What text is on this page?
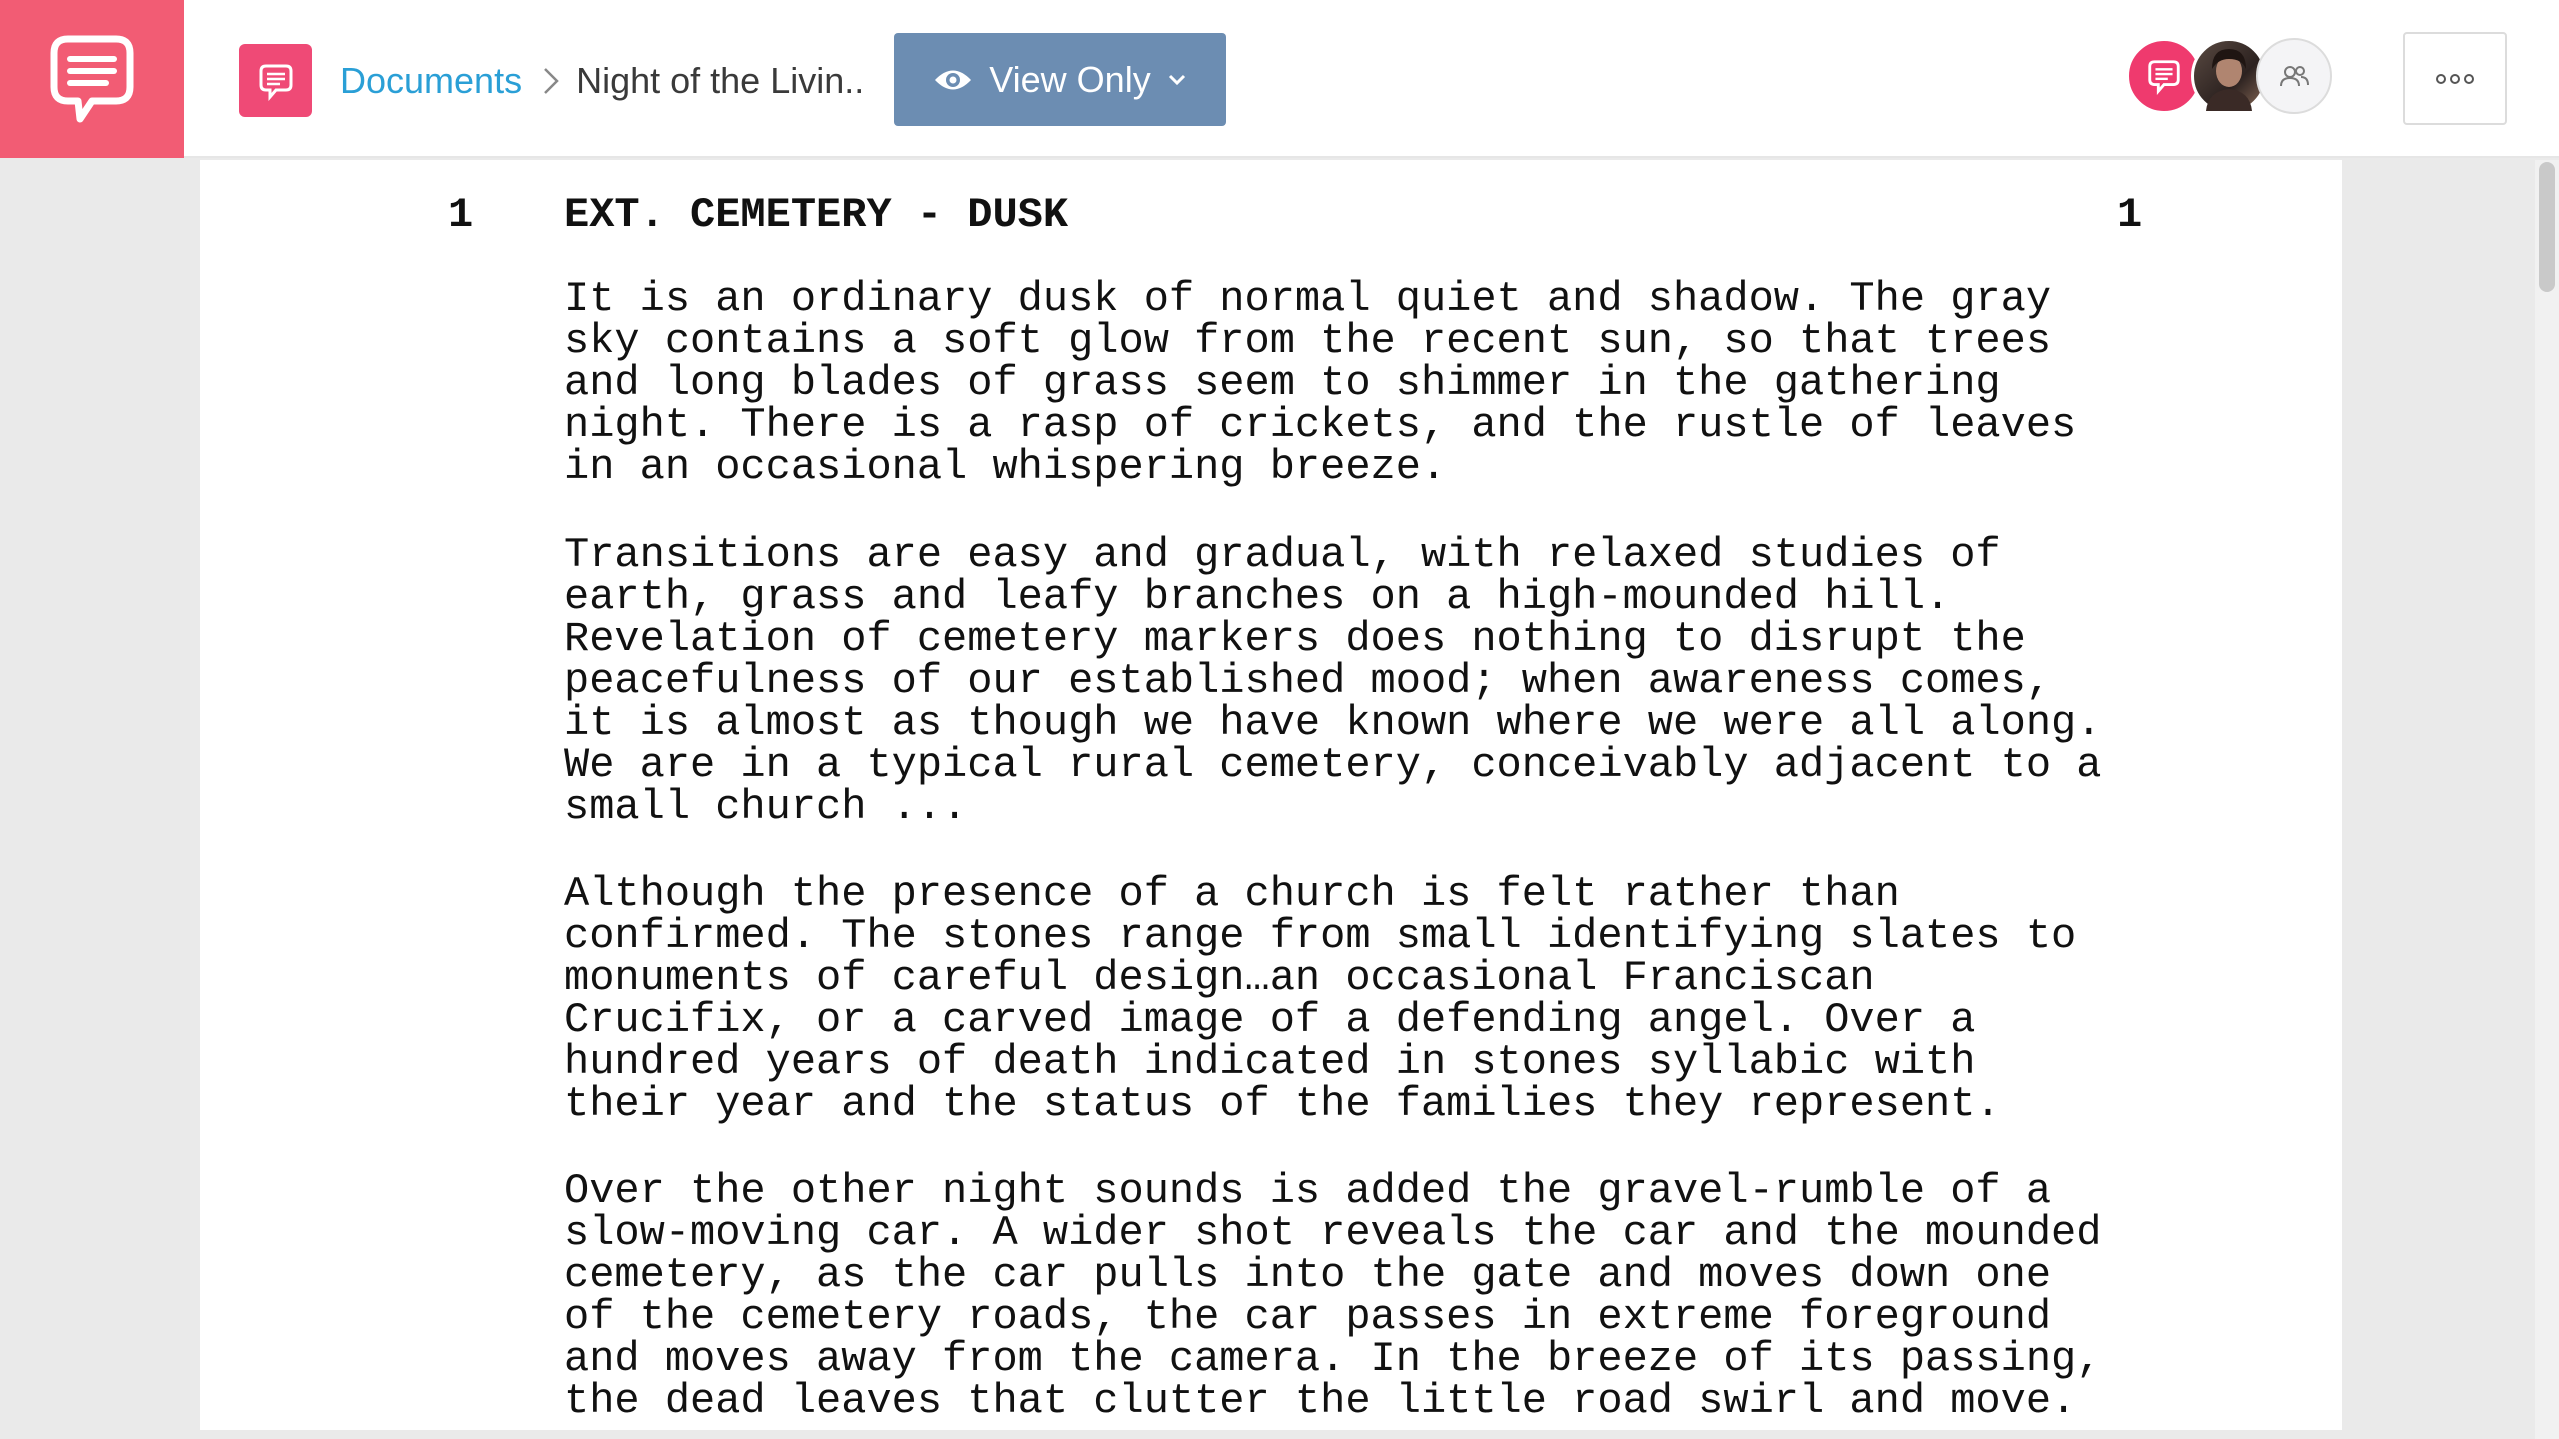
Documents Night of the Livin..	View Only
1 EXT. CEMETERY - DUSK	1
It is an ordinary dusk of normal quiet and shadow. The gray
sky contains a soft glow from the recent sun, so that trees
and long blades of grass seem to shimmer in the gathering
night. There is a rasp of crickets, and the rustle of leaves
in an occasional whispering breeze.
Transitions are easy and gradual, with relaxed studies of
earth, grass and leafy branches on a high-mounded hill.
Revelation of cemetery markers does nothing to disrupt the
peacefulness of our established mood; when awareness comes,
it is almost as though we have known where we were all along.
We are in a typical rural cemetery, conceivably adjacent to a
small church ...
Although the presence of a church is felt rather than
confirmed. The stones range from small identifying slates to
monuments of careful design…an occasional Franciscan
Crucifix, or a carved image of a defending angel. Over a
hundred years of death indicated in stones syllabic with
their year and the status of the families they represent.
Over the other night sounds is added the gravel-rumble of a
slow-moving car. A wider shot reveals the car and the mounded
cemetery, as the car pulls into the gate and moves down one
of the cemetery roads, the car passes in extreme foreground
and moves away from the camera. In the breeze of its passing,
the dead leaves that clutter the little road swirl and move.
